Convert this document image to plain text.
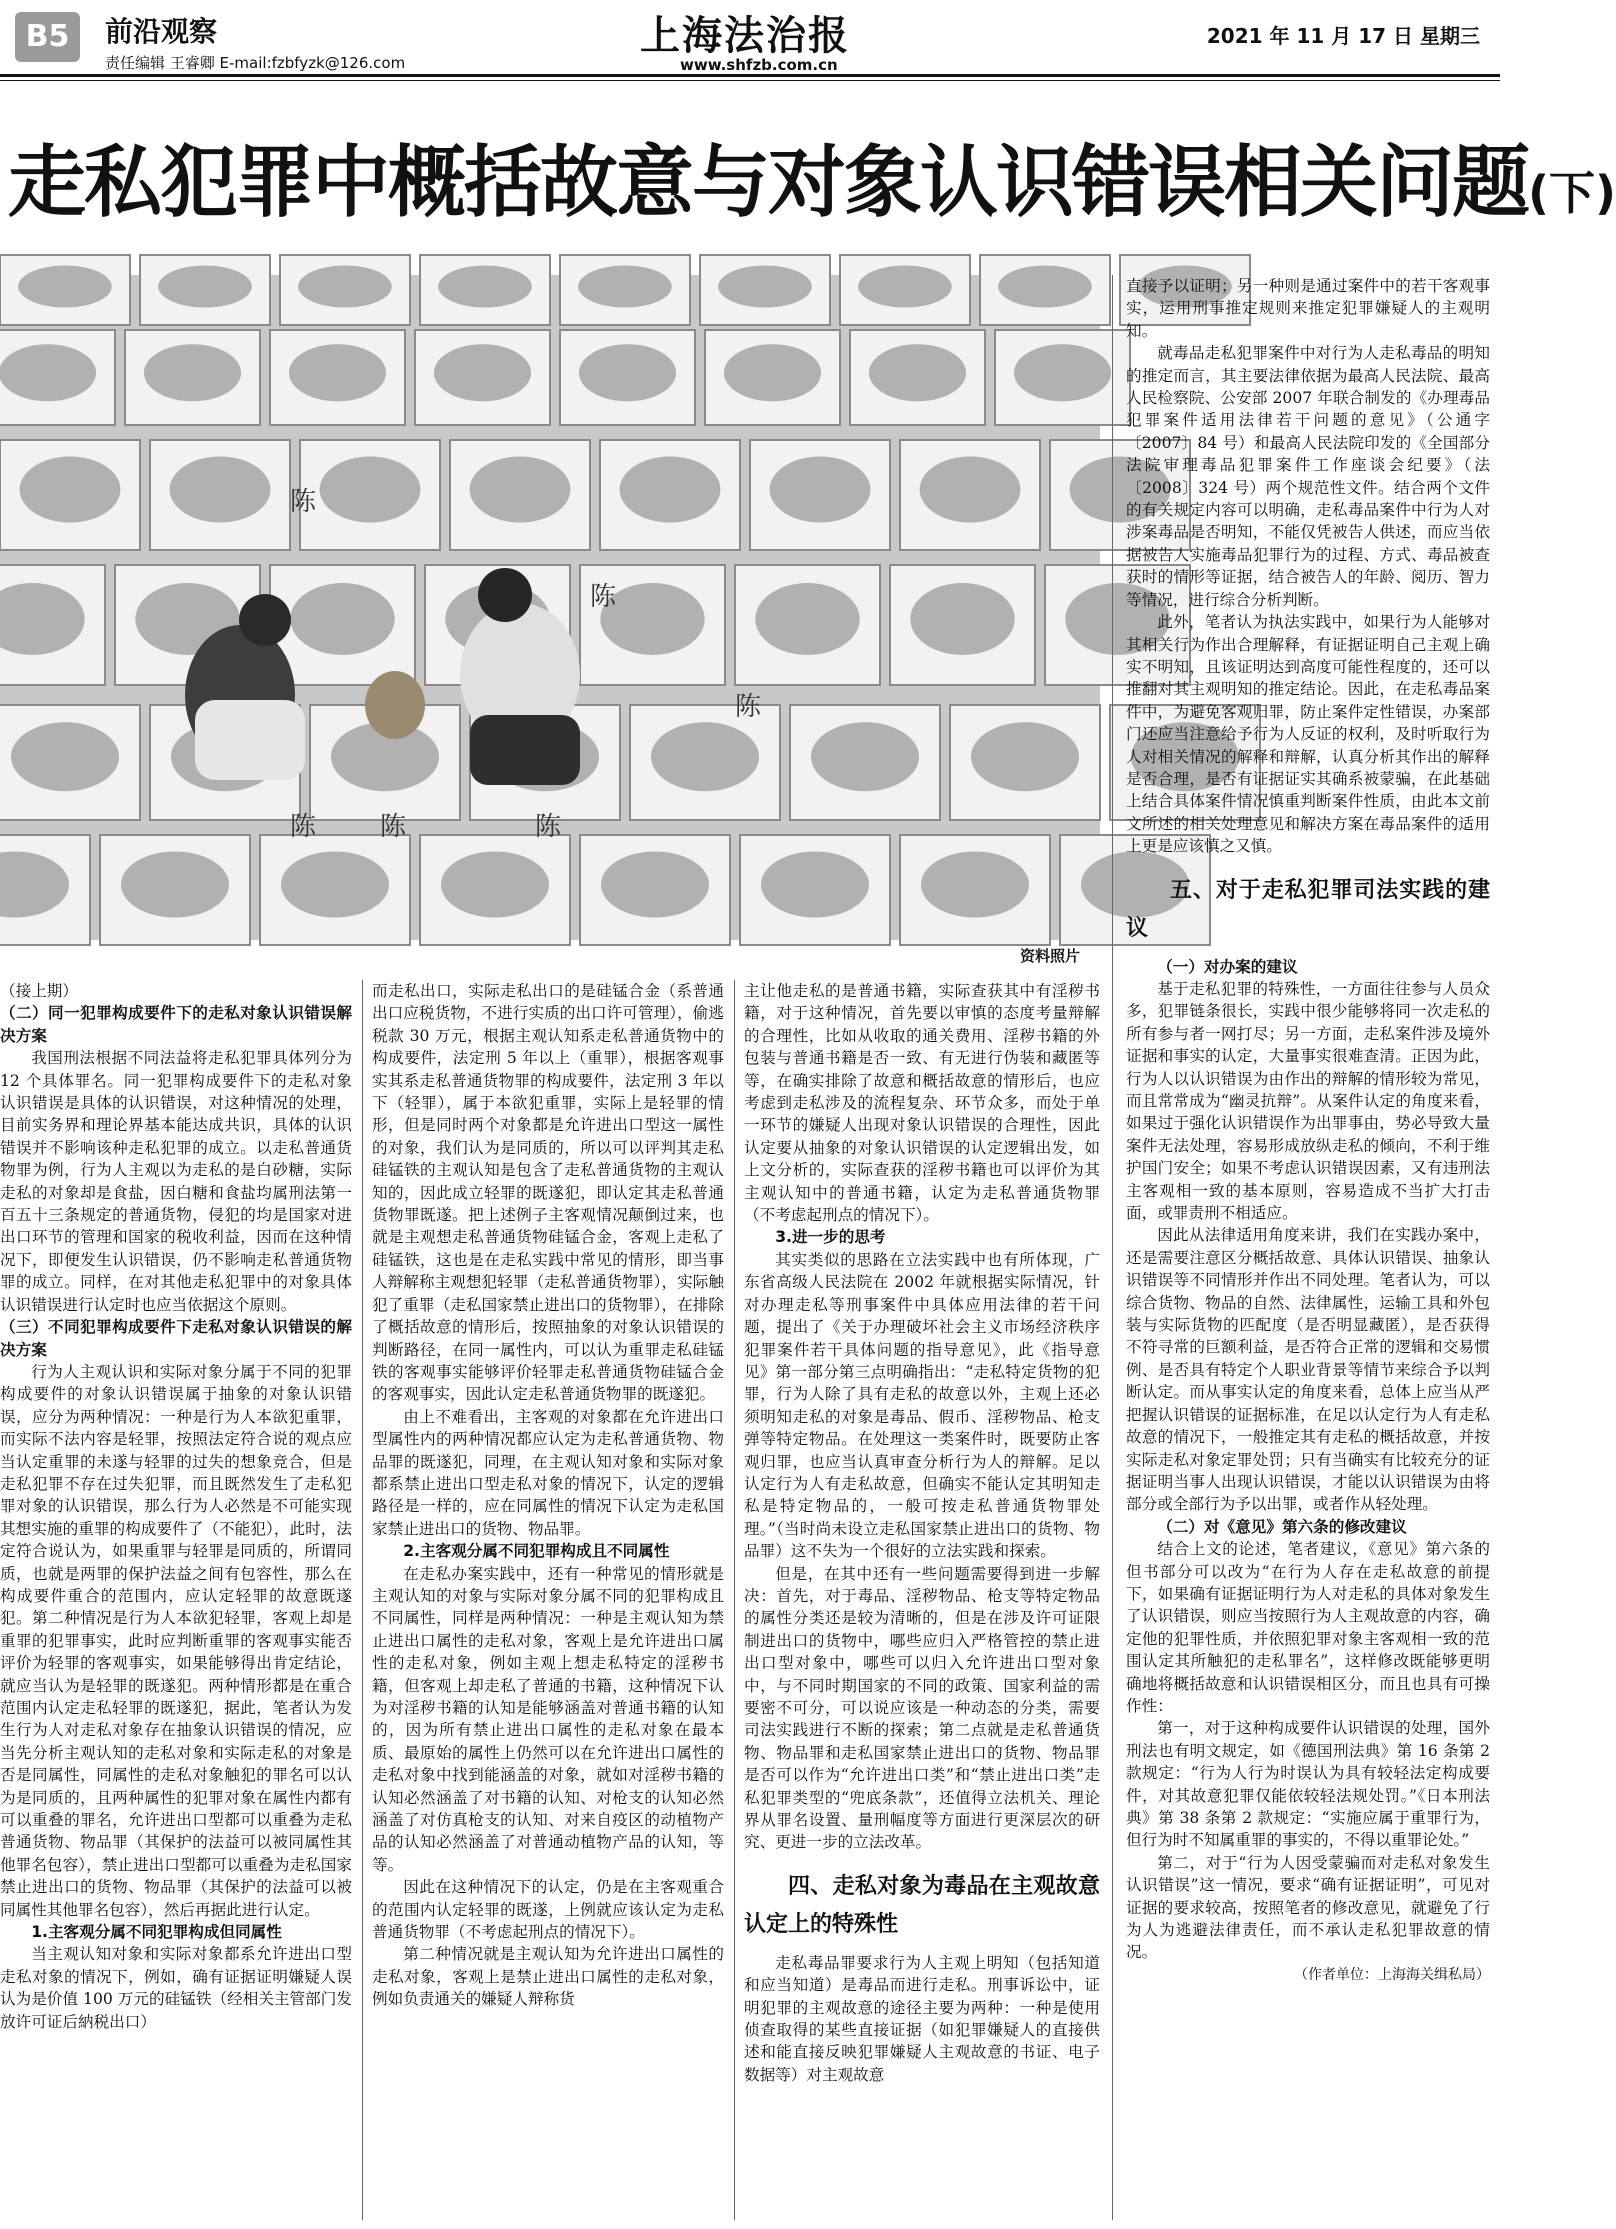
B5	前沿观察
责任编辑 王睿卿 E-mail:fzbfyzk@126.com
上海法治报
www.shfzb.com.cn
2021 年 11 月 17 日 星期三
走私犯罪中概括故意与对象认识错误相关问题(下)
陈
陈
陈
陈 陈	陈
资料照片

（接上期）

（二）同一犯罪构成要件下的走私对象认识错误解决方案

我国刑法根据不同法益将走私犯罪具体列分为 12 个具体罪名。同一犯罪构成要件下的走私对象认识错误是具体的认识错误，对这种情况的处理，目前实务界和理论界基本能达成共识，具体的认识错误并不影响该种走私犯罪的成立。以走私普通货物罪为例，行为人主观以为走私的是白砂糖，实际走私的对象却是食盐，因白糖和食盐均属刑法第一百五十三条规定的普通货物，侵犯的均是国家对进出口环节的管理和国家的税收利益，因而在这种情况下，即便发生认识错误，仍不影响走私普通货物罪的成立。同样，在对其他走私犯罪中的对象具体认识错误进行认定时也应当依据这个原则。

（三）不同犯罪构成要件下走私对象认识错误的解决方案

行为人主观认识和实际对象分属于不同的犯罪构成要件的对象认识错误属于抽象的对象认识错误，应分为两种情况：一种是行为人本欲犯重罪，而实际不法内容是轻罪，按照法定符合说的观点应当认定重罪的未遂与轻罪的过失的想象竞合，但是走私犯罪不存在过失犯罪，而且既然发生了走私犯罪对象的认识错误，那么行为人必然是不可能实现其想实施的重罪的构成要件了（不能犯），此时，法定符合说认为，如果重罪与轻罪是同质的，所谓同质，也就是两罪的保护法益之间有包容性，那么在构成要件重合的范围内，应认定轻罪的故意既遂犯。第二种情况是行为人本欲犯轻罪，客观上却是重罪的犯罪事实，此时应判断重罪的客观事实能否评价为轻罪的客观事实，如果能够得出肯定结论，就应当认为是轻罪的既遂犯。两种情形都是在重合范围内认定走私轻罪的既遂犯，据此，笔者认为发生行为人对走私对象存在抽象认识错误的情况，应当先分析主观认知的走私对象和实际走私的对象是否是同属性，同属性的走私对象触犯的罪名可以认为是同质的，且两种属性的犯罪对象在属性内都有可以重叠的罪名，允许进出口型都可以重叠为走私普通货物、物品罪（其保护的法益可以被同属性其他罪名包容），禁止进出口型都可以重叠为走私国家禁止进出口的货物、物品罪（其保护的法益可以被同属性其他罪名包容），然后再据此进行认定。

1.主客观分属不同犯罪构成但同属性

当主观认知对象和实际对象都系允许进出口型走私对象的情况下，例如，确有证据证明嫌疑人误认为是价值 100 万元的硅锰铁（经相关主管部门发放许可证后納税出口）

而走私出口，实际走私出口的是硅锰合金（系普通出口应税货物，不进行实质的出口许可管理），偷逃税款 30 万元，根据主观认知系走私普通货物中的构成要件，法定刑 5 年以上（重罪），根据客观事实其系走私普通货物罪的构成要件，法定刑 3 年以下（轻罪），属于本欲犯重罪，实际上是轻罪的情形，但是同时两个对象都是允许进出口型这一属性的对象，我们认为是同质的，所以可以评判其走私硅锰铁的主观认知是包含了走私普通货物的主观认知的，因此成立轻罪的既遂犯，即认定其走私普通货物罪既遂。把上述例子主客观情况颠倒过来，也就是主观想走私普通货物硅锰合金，客观上走私了硅锰铁，这也是在走私实践中常见的情形，即当事人辩解称主观想犯轻罪（走私普通货物罪），实际触犯了重罪（走私国家禁止进出口的货物罪），在排除了概括故意的情形后，按照抽象的对象认识错误的判断路径，在同一属性内，可以认为重罪走私硅锰铁的客观事实能够评价轻罪走私普通货物硅锰合金的客观事实，因此认定走私普通货物罪的既遂犯。

由上不难看出，主客观的对象都在允许进出口型属性内的两种情况都应认定为走私普通货物、物品罪的既遂犯，同理，在主观认知对象和实际对象都系禁止进出口型走私对象的情况下，认定的逻辑路径是一样的，应在同属性的情况下认定为走私国家禁止进出口的货物、物品罪。

2.主客观分属不同犯罪构成且不同属性

在走私办案实践中，还有一种常见的情形就是主观认知的对象与实际对象分属不同的犯罪构成且不同属性，同样是两种情况：一种是主观认知为禁止进出口属性的走私对象，客观上是允许进出口属性的走私对象，例如主观上想走私特定的淫秽书籍，但客观上却走私了普通的书籍，这种情况下认为对淫秽书籍的认知是能够涵盖对普通书籍的认知的，因为所有禁止进出口属性的走私对象在最本质、最原始的属性上仍然可以在允许进出口属性的走私对象中找到能涵盖的对象，就如对淫秽书籍的认知必然涵盖了对书籍的认知、对枪支的认知必然涵盖了对仿真枪支的认知、对来自疫区的动植物产品的认知必然涵盖了对普通动植物产品的认知，等等。

因此在这种情况下的认定，仍是在主客观重合的范围内认定轻罪的既遂，上例就应该认定为走私普通货物罪（不考虑起刑点的情况下）。

第二种情况就是主观认知为允许进出口属性的走私对象，客观上是禁止进出口属性的走私对象，例如负责通关的嫌疑人辩称货

主让他走私的是普通书籍，实际查获其中有淫秽书籍，对于这种情况，首先要以审慎的态度考量辩解的合理性，比如从收取的通关费用、淫秽书籍的外包装与普通书籍是否一致、有无进行伪装和藏匿等等，在确实排除了故意和概括故意的情形后，也应考虑到走私涉及的流程复杂、环节众多，而处于单一环节的嫌疑人出现对象认识错误的合理性，因此认定要从抽象的对象认识错误的认定逻辑出发，如上文分析的，实际查获的淫秽书籍也可以评价为其主观认知中的普通书籍，认定为走私普通货物罪（不考虑起刑点的情况下）。

3.进一步的思考

其实类似的思路在立法实践中也有所体现，广东省高级人民法院在 2002 年就根据实际情况，针对办理走私等刑事案件中具体应用法律的若干问题，提出了《关于办理破坏社会主义市场经济秩序犯罪案件若干具体问题的指导意见》，此《指导意见》第一部分第三点明确指出：“走私特定货物的犯罪，行为人除了具有走私的故意以外，主观上还必须明知走私的对象是毒品、假币、淫秽物品、枪支弹等特定物品。在处理这一类案件时，既要防止客观归罪，也应当认真审查分析行为人的辩解。足以认定行为人有走私故意，但确实不能认定其明知走私是特定物品的，一般可按走私普通货物罪处理。”（当时尚未设立走私国家禁止进出口的货物、物品罪）这不失为一个很好的立法实践和探索。

但是，在其中还有一些问题需要得到进一步解决：首先，对于毒品、淫秽物品、枪支等特定物品的属性分类还是较为清晰的，但是在涉及许可证限制进出口的货物中，哪些应归入严格管控的禁止进出口型对象中，哪些可以归入允许进出口型对象中，与不同时期国家的不同的政策、国家利益的需要密不可分，可以说应该是一种动态的分类，需要司法实践进行不断的探索；第二点就是走私普通货物、物品罪和走私国家禁止进出口的货物、物品罪是否可以作为“允许进出口类”和“禁止进出口类”走私犯罪类型的“兜底条款”，还值得立法机关、理论界从罪名设置、量刑幅度等方面进行更深层次的研究、更进一步的立法改革。

四、走私对象为毒品在主观故意认定上的特殊性

走私毒品罪要求行为人主观上明知（包括知道和应当知道）是毒品而进行走私。刑事诉讼中，证明犯罪的主观故意的途径主要为两种：一种是使用侦查取得的某些直接证据（如犯罪嫌疑人的直接供述和能直接反映犯罪嫌疑人主观故意的书证、电子数据等）对主观故意

直接予以证明；另一种则是通过案件中的若干客观事实，运用刑事推定规则来推定犯罪嫌疑人的主观明知。

就毒品走私犯罪案件中对行为人走私毒品的明知的推定而言，其主要法律依据为最高人民法院、最高人民检察院、公安部 2007 年联合制发的《办理毒品犯罪案件适用法律若干问题的意见》（公通字〔2007〕84 号）和最高人民法院印发的《全国部分法院审理毒品犯罪案件工作座谈会纪要》（法〔2008〕324 号）两个规范性文件。结合两个文件的有关规定内容可以明确，走私毒品案件中行为人对涉案毒品是否明知，不能仅凭被告人供述，而应当依据被告人实施毒品犯罪行为的过程、方式、毒品被查获时的情形等证据，结合被告人的年龄、阅历、智力等情况，进行综合分析判断。

此外，笔者认为执法实践中，如果行为人能够对其相关行为作出合理解释，有证据证明自己主观上确实不明知，且该证明达到高度可能性程度的，还可以推翻对其主观明知的推定结论。因此，在走私毒品案件中，为避免客观归罪，防止案件定性错误，办案部门还应当注意给予行为人反证的权利，及时听取行为人对相关情况的解释和辩解，认真分析其作出的解释是否合理，是否有证据证实其确系被蒙骗，在此基础上结合具体案件情况慎重判断案件性质，由此本文前文所述的相关处理意见和解决方案在毒品案件的适用上更是应该慎之又慎。

五、对于走私犯罪司法实践的建议

（一）对办案的建议

基于走私犯罪的特殊性，一方面往往参与人员众多，犯罪链条很长，实践中很少能够将同一次走私的所有参与者一网打尽；另一方面，走私案件涉及境外证据和事实的认定，大量事实很难查清。正因为此，行为人以认识错误为由作出的辩解的情形较为常见，而且常常成为“幽灵抗辩”。从案件认定的角度来看，如果过于强化认识错误作为出罪事由，势必导致大量案件无法处理，容易形成放纵走私的倾向，不利于维护国门安全；如果不考虑认识错误因素，又有违刑法主客观相一致的基本原则，容易造成不当扩大打击面，或罪责刑不相适应。

因此从法律适用角度来讲，我们在实践办案中，还是需要注意区分概括故意、具体认识错误、抽象认识错误等不同情形并作出不同处理。笔者认为，可以综合货物、物品的自然、法律属性，运输工具和外包装与实际货物的匹配度（是否明显藏匿），是否获得不符寻常的巨额利益，是否符合正常的逻辑和交易惯例、是否具有特定个人职业背景等情节来综合予以判断认定。而从事实认定的角度来看，总体上应当从严把握认识错误的证据标准，在足以认定行为人有走私故意的情况下，一般推定其有走私的概括故意，并按实际走私对象定罪处罚；只有当确实有比较充分的证据证明当事人出现认识错误，才能以认识错误为由将部分或全部行为予以出罪，或者作从轻处理。

（二）对《意见》第六条的修改建议

结合上文的论述，笔者建议，《意见》第六条的但书部分可以改为“在行为人存在走私故意的前提下，如果确有证据证明行为人对走私的具体对象发生了认识错误，则应当按照行为人主观故意的内容，确定他的犯罪性质，并依照犯罪对象主客观相一致的范围认定其所触犯的走私罪名”，这样修改既能够更明确地将概括故意和认识错误相区分，而且也具有可操作性：

第一，对于这种构成要件认识错误的处理，国外刑法也有明文规定，如《德国刑法典》第 16 条第 2 款规定：“行为人行为时误认为具有较轻法定构成要件，对其故意犯罪仅能依较轻法规处罚。”《日本刑法典》第 38 条第 2 款规定：“实施应属于重罪行为，但行为时不知属重罪的事实的，不得以重罪论处。”

第二，对于“行为人因受蒙骗而对走私对象发生认识错误”这一情况，要求“确有证据证明”，可见对证据的要求较高，按照笔者的修改意见，就避免了行为人为逃避法律责任，而不承认走私犯罪故意的情况。

（作者单位：上海海关缉私局）
